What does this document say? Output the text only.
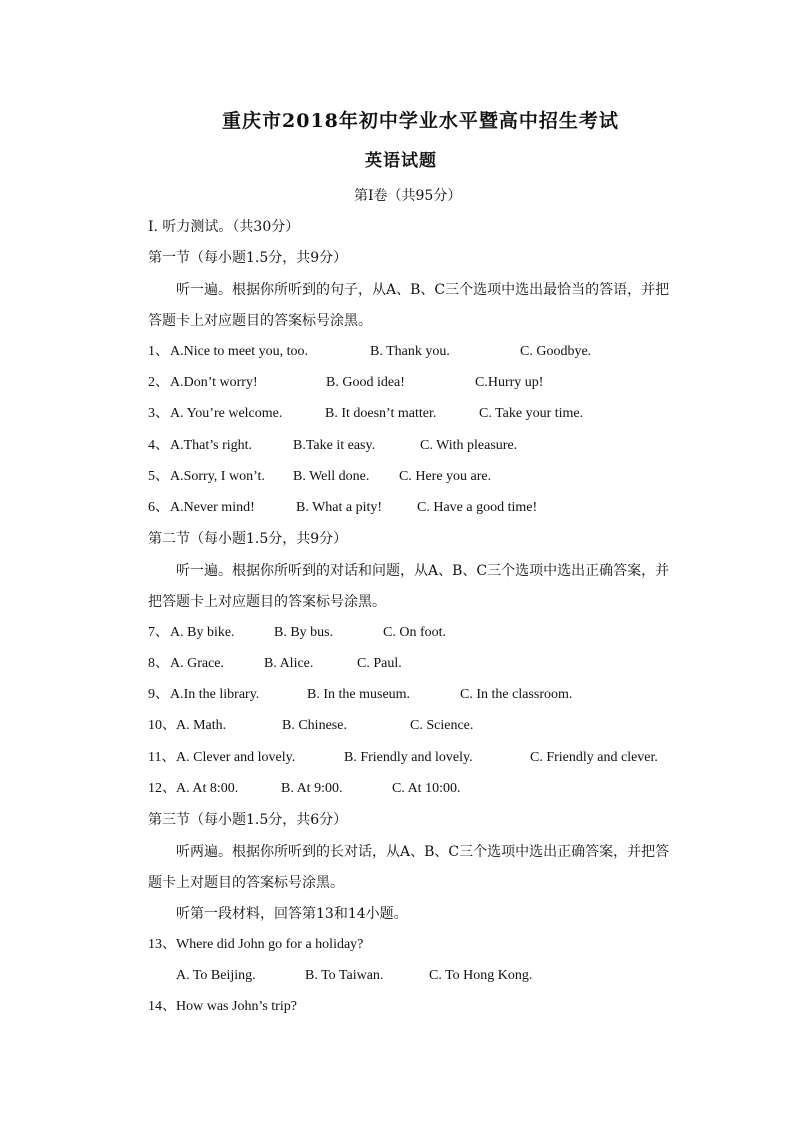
重庆市2018年初中学业水平暨高中招生考试
英语试题
第I卷（共95分）
I. 听力测试。（共30分）
第一节（每小题1.5分，共9分）
听一遍。根据你所听到的句子，从A、B、C三个选项中选出最恰当的答语，并把
答题卡上对应题目的答案标号涂黑。
1、 A.Nice to meet you, too.	B. Thank you.	C. Goodbye.
2、 A.Don’t worry!	B. Good idea!	C.Hurry up!
3、 A. You’re welcome.	B. It doesn’t matter.	C. Take your time.
4、 A.That’s right.	B.Take it easy.	C. With pleasure.
5、 A.Sorry, I won’t. B. Well done. C. Here you are.
6、 A.Never mind!	B. What a pity! C. Have a good time!
第二节（每小题1.5分，共9分）
听一遍。根据你所听到的对话和问题，从A、B、C三个选项中选出正确答案，并
把答题卡上对应题目的答案标号涂黑。
7、 A. By bike.	B. By bus.	C. On foot.
8、 A. Grace.	B. Alice.	C. Paul.
9、 A.In the library.	B. In the museum.	C. In the classroom.
10、 A. Math.	B. Chinese.	C. Science.
11、 A. Clever and lovely.	B. Friendly and lovely.	C. Friendly and clever.
12、 A. At 8:00.	B. At 9:00.	C. At 10:00.
第三节（每小题1.5分，共6分）
听两遍。根据你所听到的长对话，从A、B、C三个选项中选出正确答案，并把答
题卡上对题目的答案标号涂黑。
听第一段材料，回答第13和14小题。
13、Where did John go for a holiday?
A. To Beijing.	B. To Taiwan.	C. To Hong Kong.
14、How was John’s trip?
